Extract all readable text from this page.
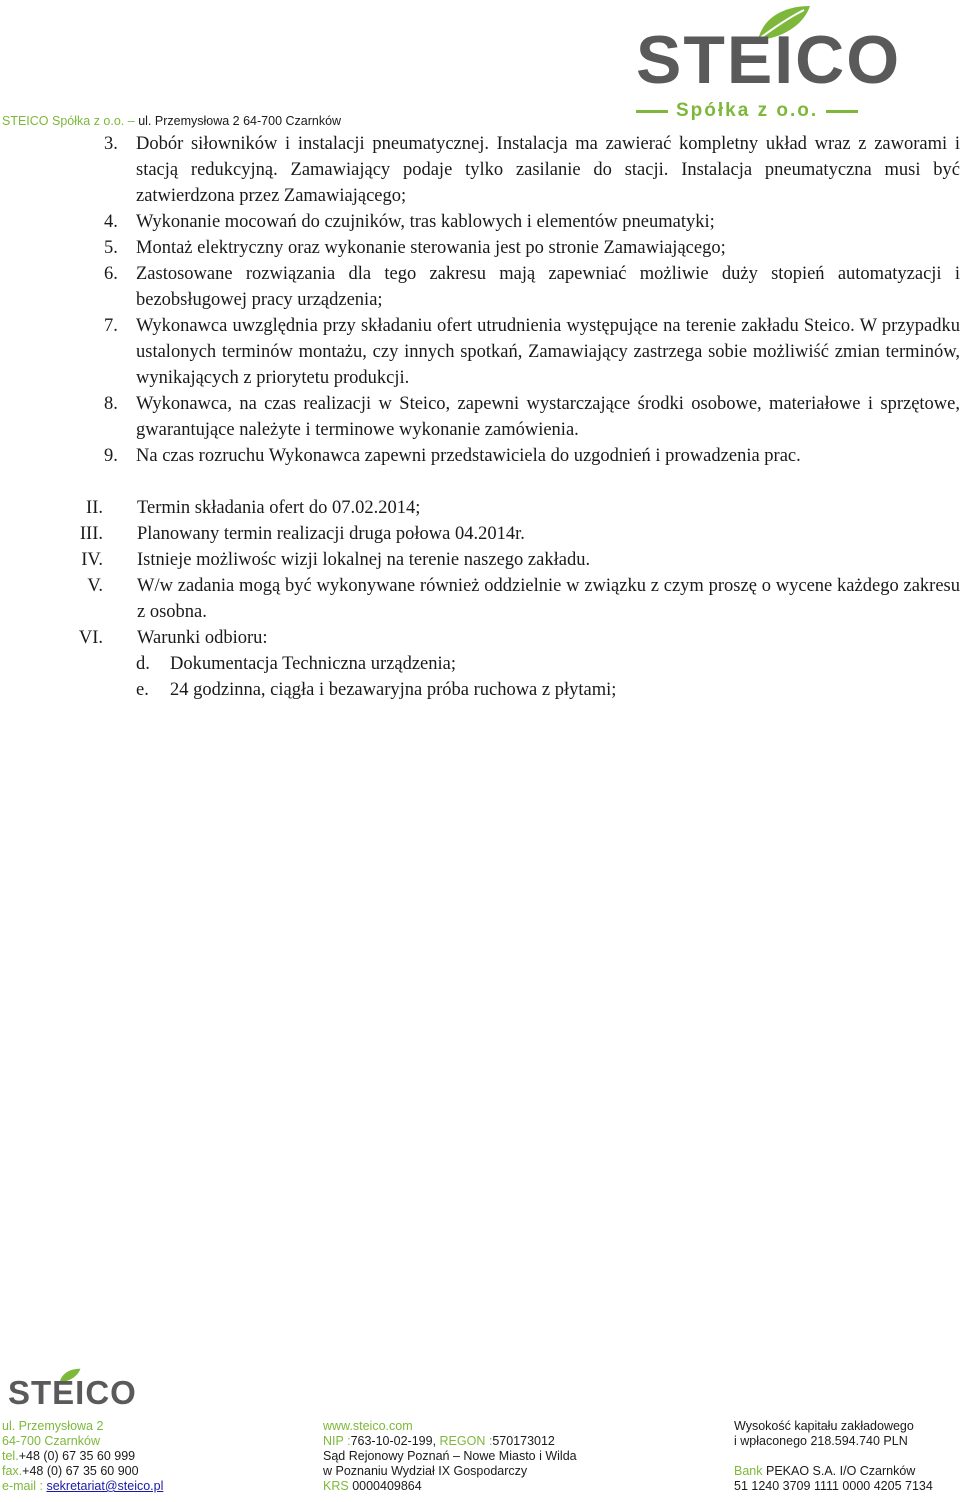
STEICO Spółka z o.o. – ul. Przemysłowa 2 64-700 Czarnków
STEICO
Spółka z o.o.
3. Dobór siłowników i instalacji pneumatycznej. Instalacja ma zawierać kompletny układ wraz z zaworami i stacją redukcyjną. Zamawiający podaje tylko zasilanie do stacji. Instalacja pneumatyczna musi być zatwierdzona przez Zamawiającego;
4. Wykonanie mocowań do czujników, tras kablowych i elementów pneumatyki;
5. Montaż elektryczny oraz wykonanie sterowania jest po stronie Zamawiającego;
6. Zastosowane rozwiązania dla tego zakresu mają zapewniać możliwie duży stopień automatyzacji i bezobsługowej pracy urządzenia;
7. Wykonawca uwzględnia przy składaniu ofert utrudnienia występujące na terenie zakładu Steico. W przypadku ustalonych terminów montażu, czy innych spotkań, Zamawiający zastrzega sobie możliwiść zmian terminów, wynikających z priorytetu produkcji.
8. Wykonawca, na czas realizacji w Steico, zapewni wystarczające środki osobowe, materiałowe i sprzętowe, gwarantujące należyte i terminowe wykonanie zamówienia.
9. Na czas rozruchu Wykonawca zapewni przedstawiciela do uzgodnień i prowadzenia prac.
II. Termin składania ofert do 07.02.2014;
III. Planowany termin realizacji druga połowa 04.2014r.
IV. Istnieje możliwośc wizji lokalnej na terenie naszego zakładu.
V. W/w zadania mogą być wykonywane również oddzielnie w związku z czym proszę o wycene każdego zakresu z osobna.
VI. Warunki odbioru:
d.	Dokumentacja Techniczna urządzenia;
e.	24 godzinna, ciągła i bezawaryjna próba ruchowa z płytami;
STEICO
ul. Przemysłowa 2
64-700 Czarnków
tel.+48 (0) 67 35 60 999
fax.+48 (0) 67 35 60 900
e-mail : sekretariat@steico.pl
www.steico.com
NIP :763-10-02-199, REGON :570173012
Sąd Rejonowy Poznań – Nowe Miasto i Wilda
w Poznaniu Wydział IX Gospodarczy
KRS 0000409864
Wysokość kapitału zakładowego
i wpłaconego 218.594.740 PLN

Bank PEKAO S.A. I/O Czarnków
51 1240 3709 1111 0000 4205 7134
